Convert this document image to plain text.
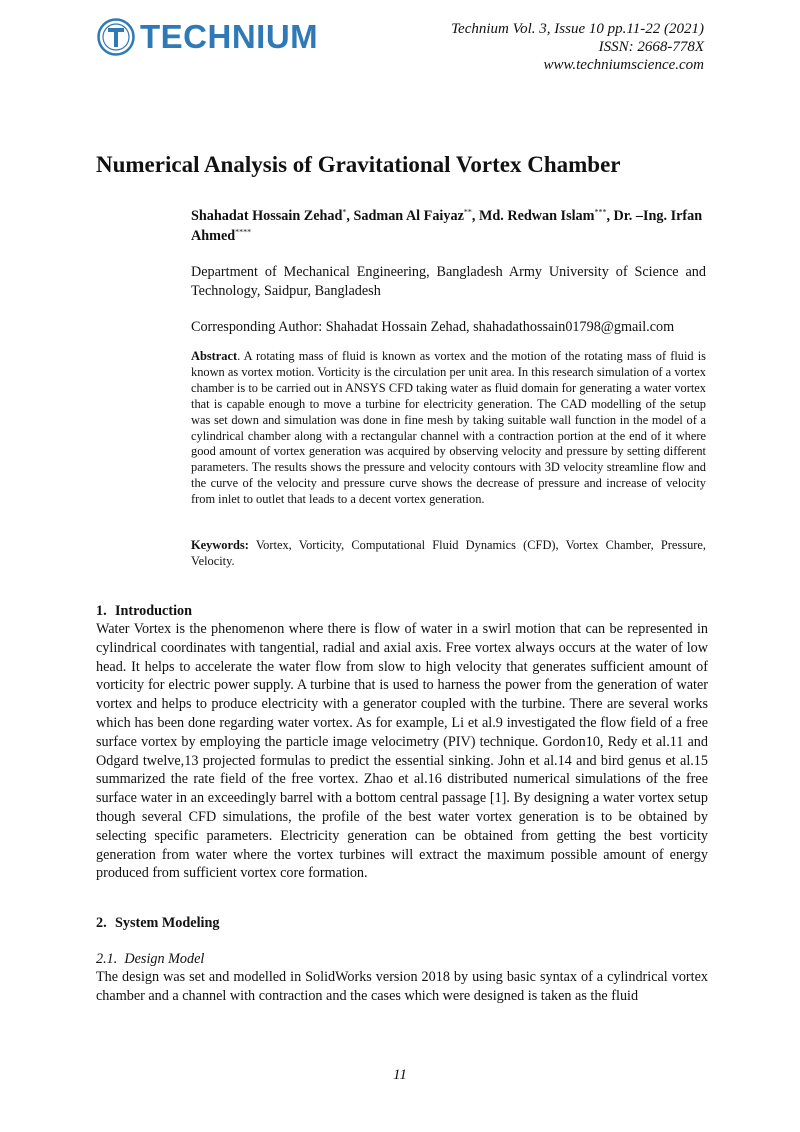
TECHNIUM	Technium Vol. 3, Issue 10 pp.11-22 (2021)
ISSN: 2668-778X
www.techniumscience.com
Numerical Analysis of Gravitational Vortex Chamber
Shahadat Hossain Zehad*, Sadman Al Faiyaz**, Md. Redwan Islam***, Dr. –Ing. Irfan Ahmed****
Department of Mechanical Engineering, Bangladesh Army University of Science and Technology, Saidpur, Bangladesh
Corresponding Author: Shahadat Hossain Zehad, shahadathossain01798@gmail.com
Abstract. A rotating mass of fluid is known as vortex and the motion of the rotating mass of fluid is known as vortex motion. Vorticity is the circulation per unit area. In this research simulation of a vortex chamber is to be carried out in ANSYS CFD taking water as fluid domain for generating a water vortex that is capable enough to move a turbine for electricity generation. The CAD modelling of the setup was set down and simulation was done in fine mesh by taking suitable wall function in the model of a cylindrical chamber along with a rectangular channel with a contraction portion at the end of it where good amount of vortex generation was acquired by observing velocity and pressure by setting different parameters. The results shows the pressure and velocity contours with 3D velocity streamline flow and the curve of the velocity and pressure curve shows the decrease of pressure and increase of velocity from inlet to outlet that leads to a decent vortex generation.
Keywords: Vortex, Vorticity, Computational Fluid Dynamics (CFD), Vortex Chamber, Pressure, Velocity.
1. Introduction
Water Vortex is the phenomenon where there is flow of water in a swirl motion that can be represented in cylindrical coordinates with tangential, radial and axial axis. Free vortex always occurs at the water of low head. It helps to accelerate the water flow from slow to high velocity that generates sufficient amount of vorticity for electric power supply. A turbine that is used to harness the power from the generation of water vortex and helps to produce electricity with a generator coupled with the turbine. There are several works which has been done regarding water vortex. As for example, Li et al.9 investigated the flow field of a free surface vortex by employing the particle image velocimetry (PIV) technique. Gordon10, Redy et al.11 and Odgard twelve,13 projected formulas to predict the essential sinking. John et al.14 and bird genus et al.15 summarized the rate field of the free vortex. Zhao et al.16 distributed numerical simulations of the free surface water in an exceedingly barrel with a bottom central passage [1]. By designing a water vortex setup though several CFD simulations, the profile of the best water vortex generation is to be obtained by selecting specific parameters. Electricity generation can be obtained from getting the best vorticity generation from water where the vortex turbines will extract the maximum possible amount of energy produced from sufficient vortex core formation.
2. System Modeling
2.1. Design Model
The design was set and modelled in SolidWorks version 2018 by using basic syntax of a cylindrical vortex chamber and a channel with contraction and the cases which were designed is taken as the fluid
11
